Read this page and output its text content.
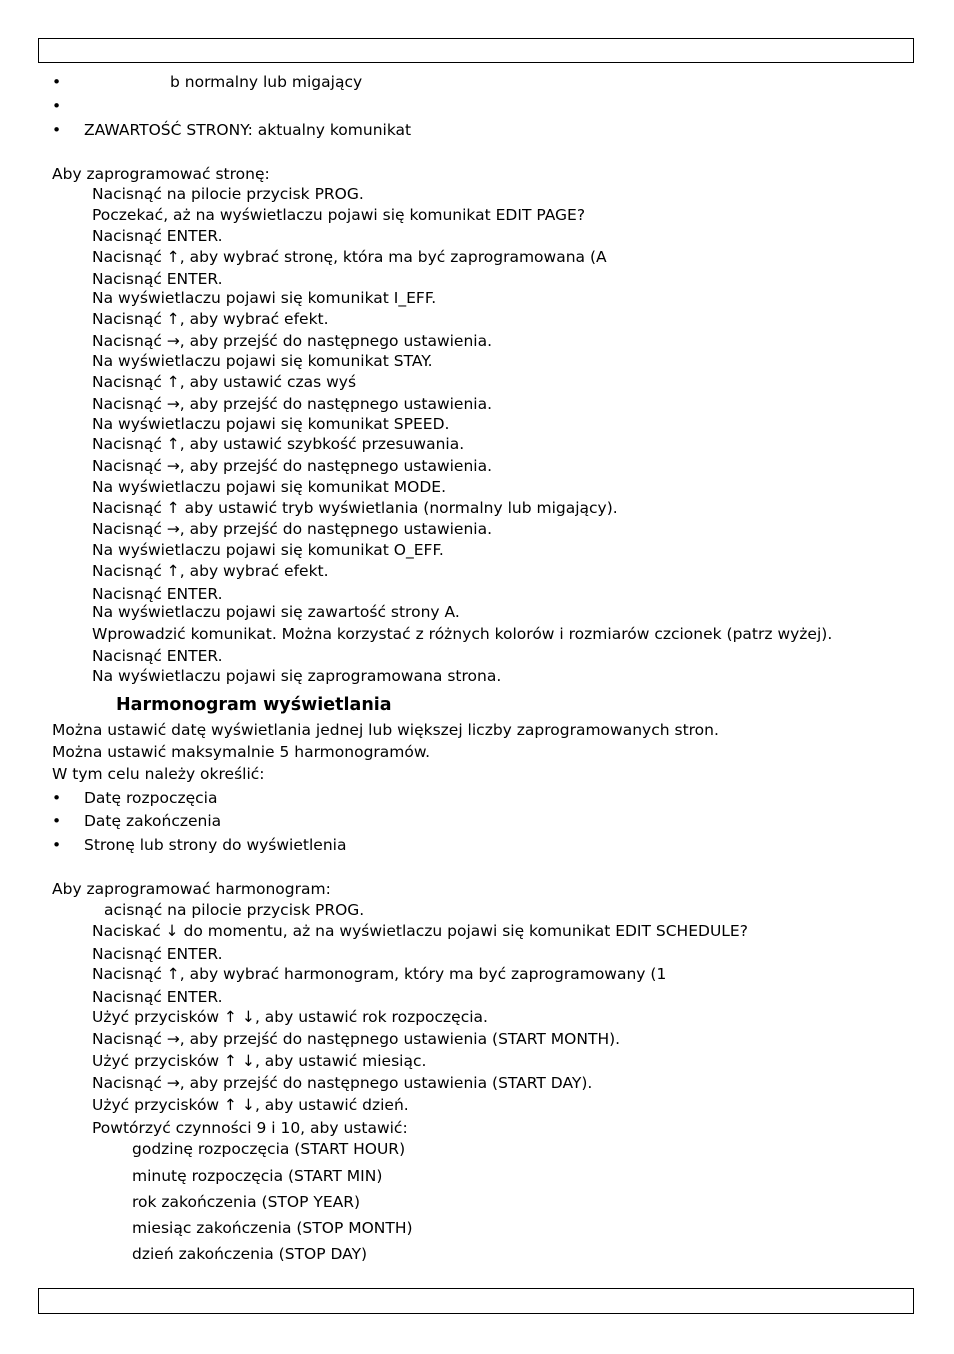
•	b normalny lub migający
•
• ZAWARTOŚĆ STRONY: aktualny komunikat
Aby zaprogramować stronę:
Nacisnąć na pilocie przycisk PROG.
Poczekać, aż na wyświetlaczu pojawi się komunikat EDIT PAGE?
Nacisnąć ENTER.
Nacisnąć ↑, aby wybrać stronę, która ma być zaprogramowana (A
Nacisnąć ENTER.
Na wyświetlaczu pojawi się komunikat I_EFF.
Nacisnąć ↑, aby wybrać efekt.
Nacisnąć →, aby przejść do następnego ustawienia.
Na wyświetlaczu pojawi się komunikat STAY.
Nacisnąć ↑, aby ustawić czas wyś
Nacisnąć →, aby przejść do następnego ustawienia.
Na wyświetlaczu pojawi się komunikat SPEED.
Nacisnąć ↑, aby ustawić szybkość przesuwania.
Nacisnąć →, aby przejść do następnego ustawienia.
Na wyświetlaczu pojawi się komunikat MODE.
Nacisnąć ↑ aby ustawić tryb wyświetlania (normalny lub migający).
Nacisnąć →, aby przejść do następnego ustawienia.
Na wyświetlaczu pojawi się komunikat O_EFF.
Nacisnąć ↑, aby wybrać efekt.
Nacisnąć ENTER.
Na wyświetlaczu pojawi się zawartość strony A.
Wprowadzić komunikat. Można korzystać z różnych kolorów i rozmiarów czcionek (patrz wyżej).
Nacisnąć ENTER.
Na wyświetlaczu pojawi się zaprogramowana strona.
Harmonogram wyświetlania
Można ustawić datę wyświetlania jednej lub większej liczby zaprogramowanych stron.
Można ustawić maksymalnie 5 harmonogramów.
W tym celu należy określić:
• Datę rozpoczęcia
• Datę zakończenia
• Stronę lub strony do wyświetlenia
Aby zaprogramować harmonogram:
acisnąć na pilocie przycisk PROG.
Naciskać ↓ do momentu, aż na wyświetlaczu pojawi się komunikat EDIT SCHEDULE?
Nacisnąć ENTER.
Nacisnąć ↑, aby wybrać harmonogram, który ma być zaprogramowany (1
Nacisnąć ENTER.
Użyć przycisków ↑ ↓, aby ustawić rok rozpoczęcia.
Nacisnąć →, aby przejść do następnego ustawienia (START MONTH).
Użyć przycisków ↑ ↓, aby ustawić miesiąc.
Nacisnąć →, aby przejść do następnego ustawienia (START DAY).
Użyć przycisków ↑ ↓, aby ustawić dzień.
Powtórzyć czynności 9 i 10, aby ustawić:
godzinę rozpoczęcia (START HOUR)
minutę rozpoczęcia (START MIN)
rok zakończenia (STOP YEAR)
miesiąc zakończenia (STOP MONTH)
dzień zakończenia (STOP DAY)
